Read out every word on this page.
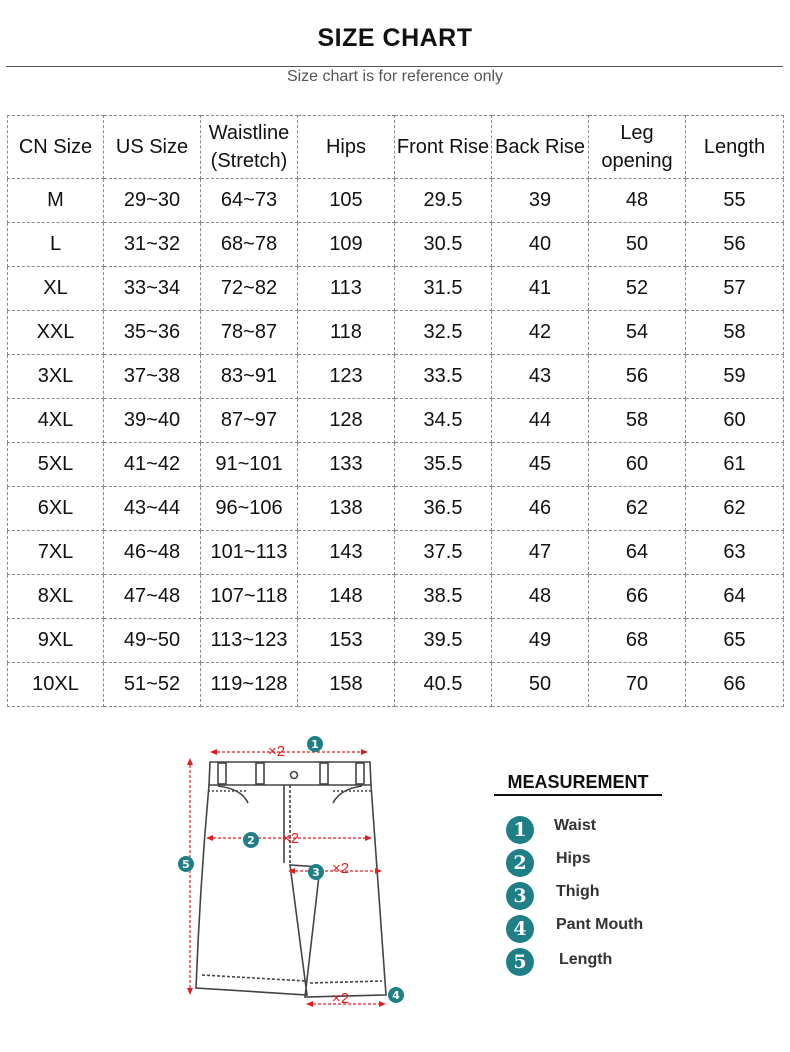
SIZE CHART
Size chart is for reference only
CN Size	US Size	Waistline (Stretch)	Hips	Front Rise	Back Rise	Leg opening	Length
M	29~30	64~73	105	29.5	39	48	55
L	31~32	68~78	109	30.5	40	50	56
XL	33~34	72~82	113	31.5	41	52	57
XXL	35~36	78~87	118	32.5	42	54	58
3XL	37~38	83~91	123	33.5	43	56	59
4XL	39~40	87~97	128	34.5	44	58	60
5XL	41~42	91~101	133	35.5	45	60	61
6XL	43~44	96~106	138	36.5	46	62	62
7XL	46~48	101~113	143	37.5	47	64	63
8XL	47~48	107~118	148	38.5	48	66	64
9XL	49~50	113~123	153	39.5	49	68	65
10XL	51~52	119~128	158	40.5	50	70	66
×2
×2
×2
×2
1
2
3
4
5
MEASUREMENT
1	Waist
2	Hips
3	Thigh
4	Pant Mouth
5	Length
